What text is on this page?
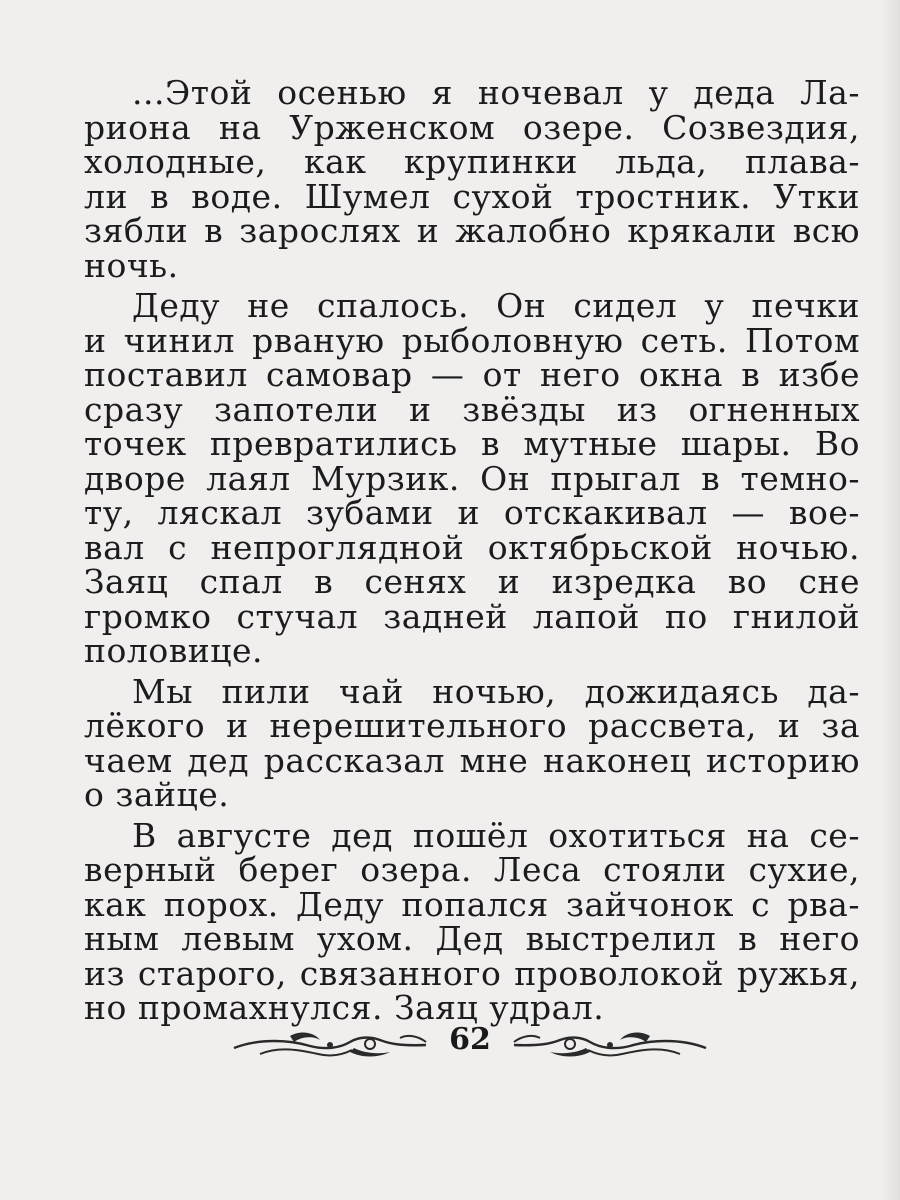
...Этой осенью я ночевал у деда Ла-
риона на Урженском озере. Созвездия,
холодные, как крупинки льда, плава-
ли в воде. Шумел сухой тростник. Утки
зябли в зарослях и жалобно крякали всю
ночь.
Деду не спалось. Он сидел у печки
и чинил рваную рыболовную сеть. Потом
поставил самовар — от него окна в избе
сразу запотели и звёзды из огненных
точек превратились в мутные шары. Во
дворе лаял Мурзик. Он прыгал в темно-
ту, ляскал зубами и отскакивал — вое-
вал с непроглядной октябрьской ночью.
Заяц спал в сенях и изредка во сне
громко стучал задней лапой по гнилой
половице.
Мы пили чай ночью, дожидаясь да-
лёкого и нерешительного рассвета, и за
чаем дед рассказал мне наконец историю
о зайце.
В августе дед пошёл охотиться на се-
верный берег озера. Леса стояли сухие,
как порох. Деду попался зайчонок с рва-
ным левым ухом. Дед выстрелил в него
из старого, связанного проволокой ружья,
но промахнулся. Заяц удрал.
62
